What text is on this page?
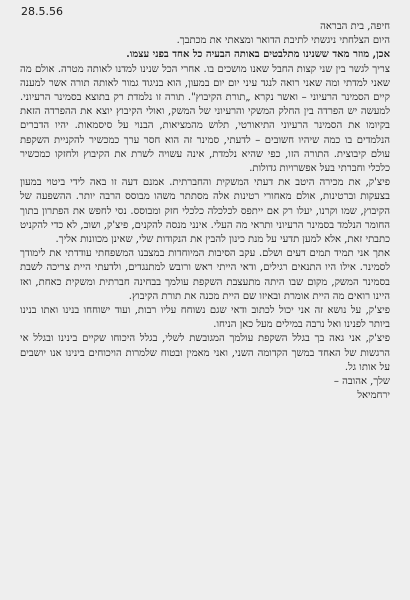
28.5.56

חיפה, בית הבראה

היום הצלחתי ניגשתי לתיבת הדואר ומצאתי את מכתבך.

אכן, מוזר מאד ששנינו מתלבטים באותה הבעיה כל אחד בפני עצמו.

צריך לגשר בין שני קצות החבל שאנו מושכים בו. אחרי הכל שנינו למדנו לאותה מטרה. אולם מה שאני למדתי ומה שאני רואה לנגד עיני יום יום במעון, הוא בניגוד גמור לאותה תורה אשר למענה קיים הסמינר הרעיוני – ואשר נקרא „תורת הקיבוץ". תורה זו נלמדת רק בתוצא בסמינר הרעיוני. למעשה יש הפרדה בין החלק המשקי והרעיוני של המשק, ואולי הקיבוץ יוצא את ההפרדה הזאת בקיומו את הסמינר הרעיוני התיאורטי, תלוש מהמציאות, הבנוי על סיסמאות. יהיו הדברים הנלמדים בו כמה שיהיו חשובים – לדעתי, סמינר זה הוא חסר ערך כמכשיר להקניית השקפת עולם קיבוצית. התורה הזו, כפי שהיא נלמדת, אינה עשויה לשרת את הקיבוץ ולחזקו כמכשיר כלכלי וחברתי בעל אפשרויות גדולות.

פיצ'ק, את מכירה היטב את דעתי המשקית והחברתית. אמנם דעה זו באה לידי ביטוי במעון בצעקות וברטינות, אולם מאחורי רטינות אלה מסתתר משהו מבוסס הרבה יותר. ההשפעה של הקיבוץ, שמו וקרנו, יעלו רק אם ייתפס לכלכלה כלכלי חזק ומבוסס. נסי לחפש את הפתרון בתוך החומר הנלמד בסמינר הרעיוני ותראי מה העלי. אינני מנסה להקנים, פיצ'ק, ושוב, לא כדי להקניט כתבתי זאת, אלא למען תדעי על מנת כינון להבין את הנקודות שלי, שאינן מכוונות אליך.

אתך אני תמיד תמים דעים ושלם. עקב הסיבות המיוחדות במצבנו המשפחתי עודדתי את לימודך לסמינר. אילו היו התנאים רגילים, ודאי הייתי ראש ורובש למתנגדים, ולדעתי היית צריכה לשבת בסמינר המשק, מקום שבו היתה מתעצבת השקפת עולמך בבחינה חברתית ומשקית כאחת, ואז היינו רואים מה היית אומרת ובאיזו שם היית מכנה את תורת הקיבוץ.

פיצ'ק, על נושא זה אני יכול לכתוב ודאי שגם נשוחח עליו רבות, ועוד ישוחחו בנינו ואתו בנינו ביותר לפנינו ואל נרבה במילים מעל כאן הניחו.

פיצ'ק, אני גאה בך בגלל השקפת עולמך המגובשת לשלי, בגלל היכוחו שקיים בינינו ובגלל אי הרגשות של האחד במשך הקדומה השני, ואני מאמין ובטוח שלמרות הויכוחים בינינו אנו יושבים על אותו גל.

שלך, אהובה –

ירחמיאל
